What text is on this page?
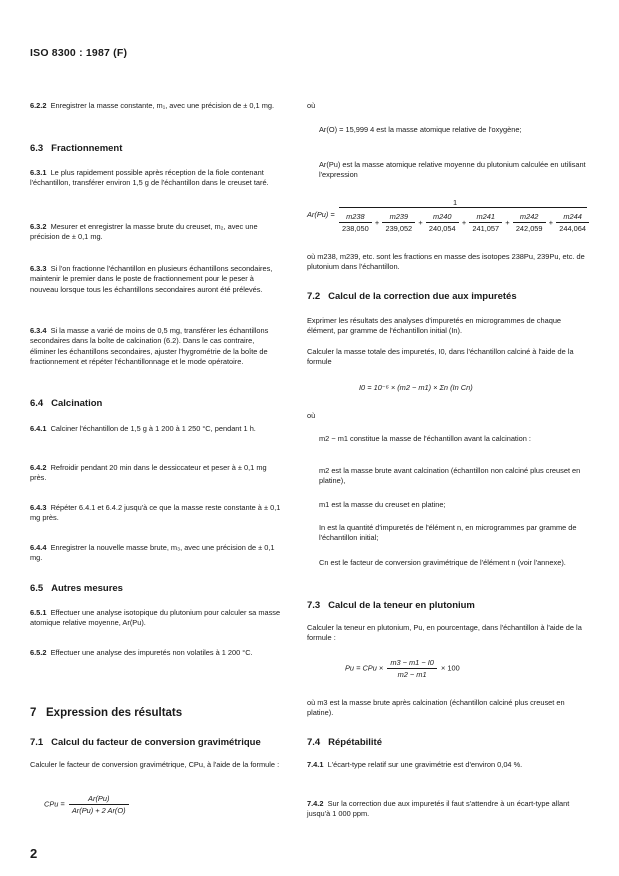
ISO 8300 : 1987 (F)
6.2.2 Enregistrer la masse constante, m₁, avec une précision de ± 0,1 mg.
6.3 Fractionnement
6.3.1 Le plus rapidement possible après réception de la fiole contenant l'échantillon, transférer environ 1,5 g de l'échantillon dans le creuset taré.
6.3.2 Mesurer et enregistrer la masse brute du creuset, m₂, avec une précision de ± 0,1 mg.
6.3.3 Si l'on fractionne l'échantillon en plusieurs échantillons secondaires, maintenir le premier dans le poste de fractionnement pour le peser à nouveau lorsque tous les échantillons secondaires auront été prélevés.
6.3.4 Si la masse a varié de moins de 0,5 mg, transférer les échantillons secondaires dans la boîte de calcination (6.2). Dans le cas contraire, éliminer les échantillons secondaires, ajuster l'hygrométrie de la boîte de fractionnement et répéter l'échantillonnage et le mode opératoire.
6.4 Calcination
6.4.1 Calciner l'échantillon de 1,5 g à 1 200 à 1 250 °C, pendant 1 h.
6.4.2 Refroidir pendant 20 min dans le dessiccateur et peser à ± 0,1 mg près.
6.4.3 Répéter 6.4.1 et 6.4.2 jusqu'à ce que la masse reste constante à ± 0,1 mg près.
6.4.4 Enregistrer la nouvelle masse brute, m₃, avec une précision de ± 0,1 mg.
6.5 Autres mesures
6.5.1 Effectuer une analyse isotopique du plutonium pour calculer sa masse atomique relative moyenne, Ar(Pu).
6.5.2 Effectuer une analyse des impuretés non volatiles à 1 200 °C.
7 Expression des résultats
7.1 Calcul du facteur de conversion gravimétrique
Calculer le facteur de conversion gravimétrique, CPu, à l'aide de la formule :
CPu = $\frac{Ar(Pu)}{Ar(Pu) + 2 Ar(O)}$
où
Ar(O) = 15,999 4 est la masse atomique relative de l'oxygène;
Ar(Pu) est la masse atomique relative moyenne du plutonium calculée en utilisant l'expression
1
$Ar(Pu) = \frac{m238}{238,050} + \frac{m239}{239,052} + \frac{m240}{240,054} + \frac{m241}{241,057} + \frac{m242}{242,059} + \frac{m244}{244,064}$
où m238, m239, etc. sont les fractions en masse des isotopes 238Pu, 239Pu, etc. de plutonium dans l'échantillon.
7.2 Calcul de la correction due aux impuretés
Exprimer les résultats des analyses d'impuretés en microgrammes de chaque élément, par gramme de l'échantillon initial (In).
Calculer la masse totale des impuretés, I0, dans l'échantillon calciné à l'aide de la formule
I0 = 10⁻⁶ × (m2 − m1) × Σn (In Cn)
où
m2 − m1 constitue la masse de l'échantillon avant la calcination :
m2 est la masse brute avant calcination (échantillon non calciné plus creuset en platine),
m1 est la masse du creuset en platine;
In est la quantité d'impuretés de l'élément n, en microgrammes par gramme de l'échantillon initial;
Cn est le facteur de conversion gravimétrique de l'élément n (voir l'annexe).
7.3 Calcul de la teneur en plutonium
Calculer la teneur en plutonium, Pu, en pourcentage, dans l'échantillon à l'aide de la formule :
Pu = CPu × $\frac{m3 - m1 - I0}{m2 - m1} \times 100$
où m3 est la masse brute après calcination (échantillon calciné plus creuset en platine).
7.4 Répétabilité
7.4.1 L'écart-type relatif sur une gravimétrie est d'environ 0,04 %.
7.4.2 Sur la correction due aux impuretés il faut s'attendre à un écart-type allant jusqu'à 1 000 ppm.
2
